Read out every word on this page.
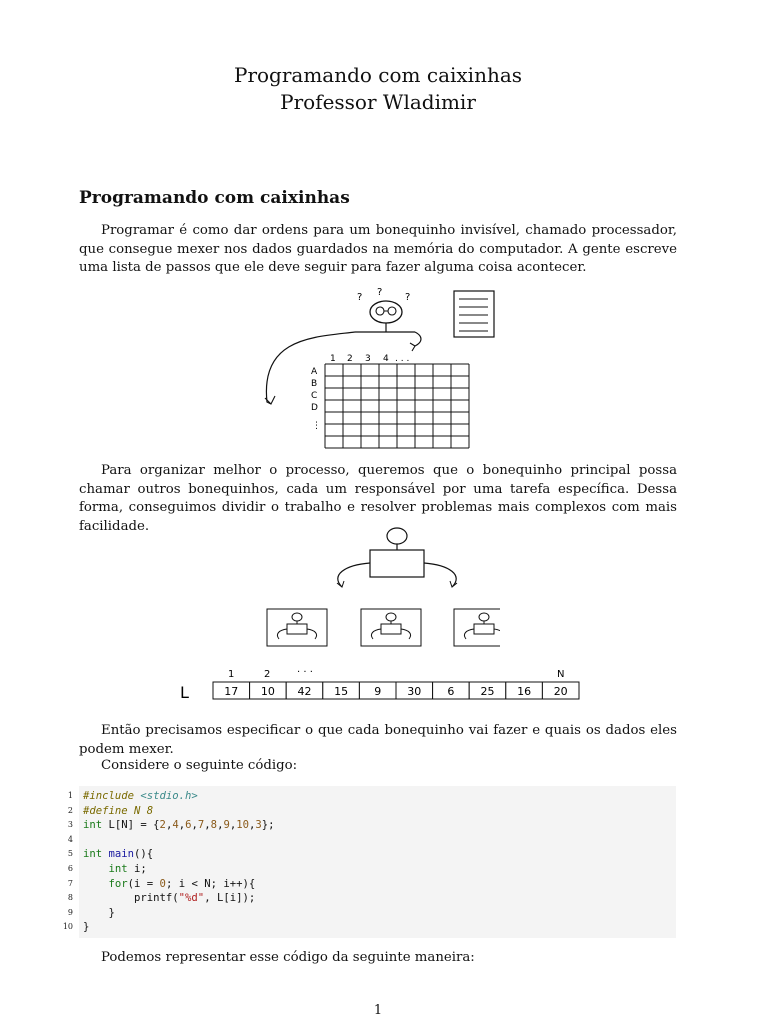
Programando com caixinhas
Professor Wladimir
Programando com caixinhas

Programar é como dar ordens para um bonequinho invisível, chamado processador, que consegue mexer nos dados guardados na memória do computador. A gente escreve uma lista de passos que ele deve seguir para fazer alguma coisa acontecer.

? ? ?
1 2 3 4 . . .
A
B
C
D
⋮

Para organizar melhor o processo, queremos que o bonequinho principal possa chamar outros bonequinhos, cada um responsável por uma tarefa específica. Dessa forma, conseguimos dividir o trabalho e resolver problemas mais complexos com mais facilidade.

1	2	· · ·	N
L	17 10 42 15 9 30 6 25 16 20

Então precisamos especificar o que cada bonequinho vai fazer e quais os dados eles podem mexer.

Considere o seguinte código:

1 #include <stdio.h>
2 #define N 8
3 int L[N] = {2,4,6,7,8,9,10,3};
4
5 int main(){
6	int i;
7	for(i = 0; i < N; i++){
8 printf("%d", L[i]);
9 }
10 }

Podemos representar esse código da seguinte maneira:

1
